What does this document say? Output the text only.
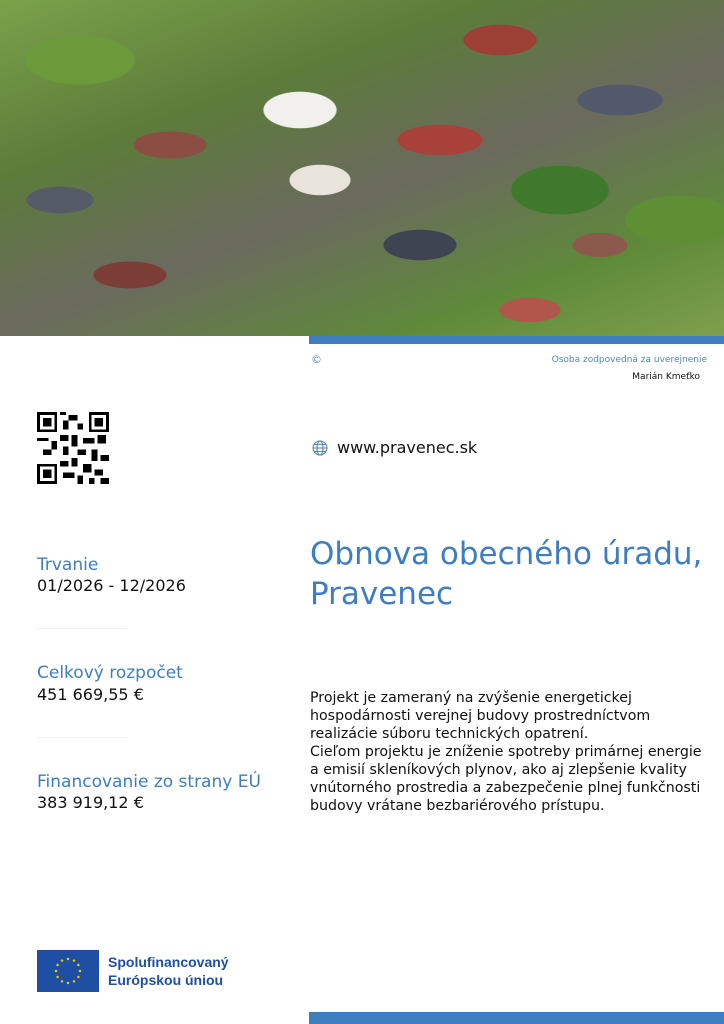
©	Osoba zodpovedná za uverejnenie
Marián Kmeťko
www.pravenec.sk
Obnova obecného úradu, Pravenec
Trvanie
01/2026 - 12/2026
Celkový rozpočet
451 669,55 €
Financovanie zo strany EÚ
383 919,12 €
Projekt je zameraný na zvýšenie energetickej hospodárnosti verejnej budovy prostredníctvom realizácie súboru technických opatrení.
Cieľom projektu je zníženie spotreby primárnej energie a emisií skleníkových plynov, ako aj zlepšenie kvality vnútorného prostredia a zabezpečenie plnej funkčnosti budovy vrátane bezbariérového prístupu.
Spolufinancovaný
Európskou úniou
